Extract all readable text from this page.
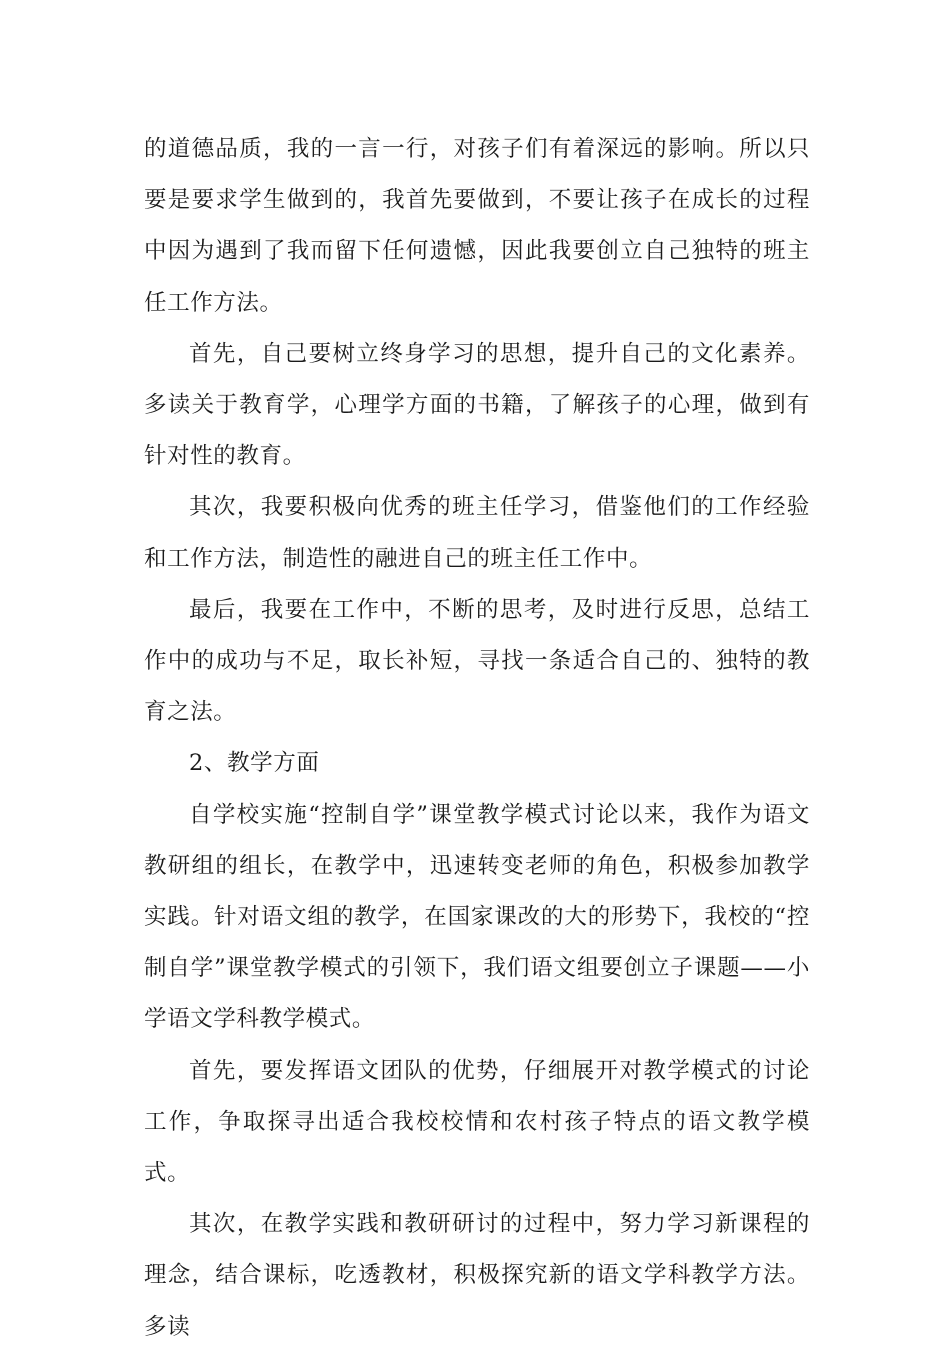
的道德品质，我的一言一行，对孩子们有着深远的影响。所以只要是要求学生做到的，我首先要做到，不要让孩子在成长的过程中因为遇到了我而留下任何遗憾，因此我要创立自己独特的班主任工作方法。

首先，自己要树立终身学习的思想，提升自己的文化素养。多读关于教育学，心理学方面的书籍，了解孩子的心理，做到有针对性的教育。

其次，我要积极向优秀的班主任学习，借鉴他们的工作经验和工作方法，制造性的融进自己的班主任工作中。

最后，我要在工作中，不断的思考，及时进行反思，总结工作中的成功与不足，取长补短，寻找一条适合自己的、独特的教育之法。

2、教学方面

自学校实施“控制自学”课堂教学模式讨论以来，我作为语文教研组的组长，在教学中，迅速转变老师的角色，积极参加教学实践。针对语文组的教学，在国家课改的大的形势下，我校的“控制自学”课堂教学模式的引领下，我们语文组要创立子课题——小学语文学科教学模式。

首先，要发挥语文团队的优势，仔细展开对教学模式的讨论工作，争取探寻出适合我校校情和农村孩子特点的语文教学模式。

其次，在教学实践和教研研讨的过程中，努力学习新课程的理念，结合课标，吃透教材，积极探究新的语文学科教学方法。多读
